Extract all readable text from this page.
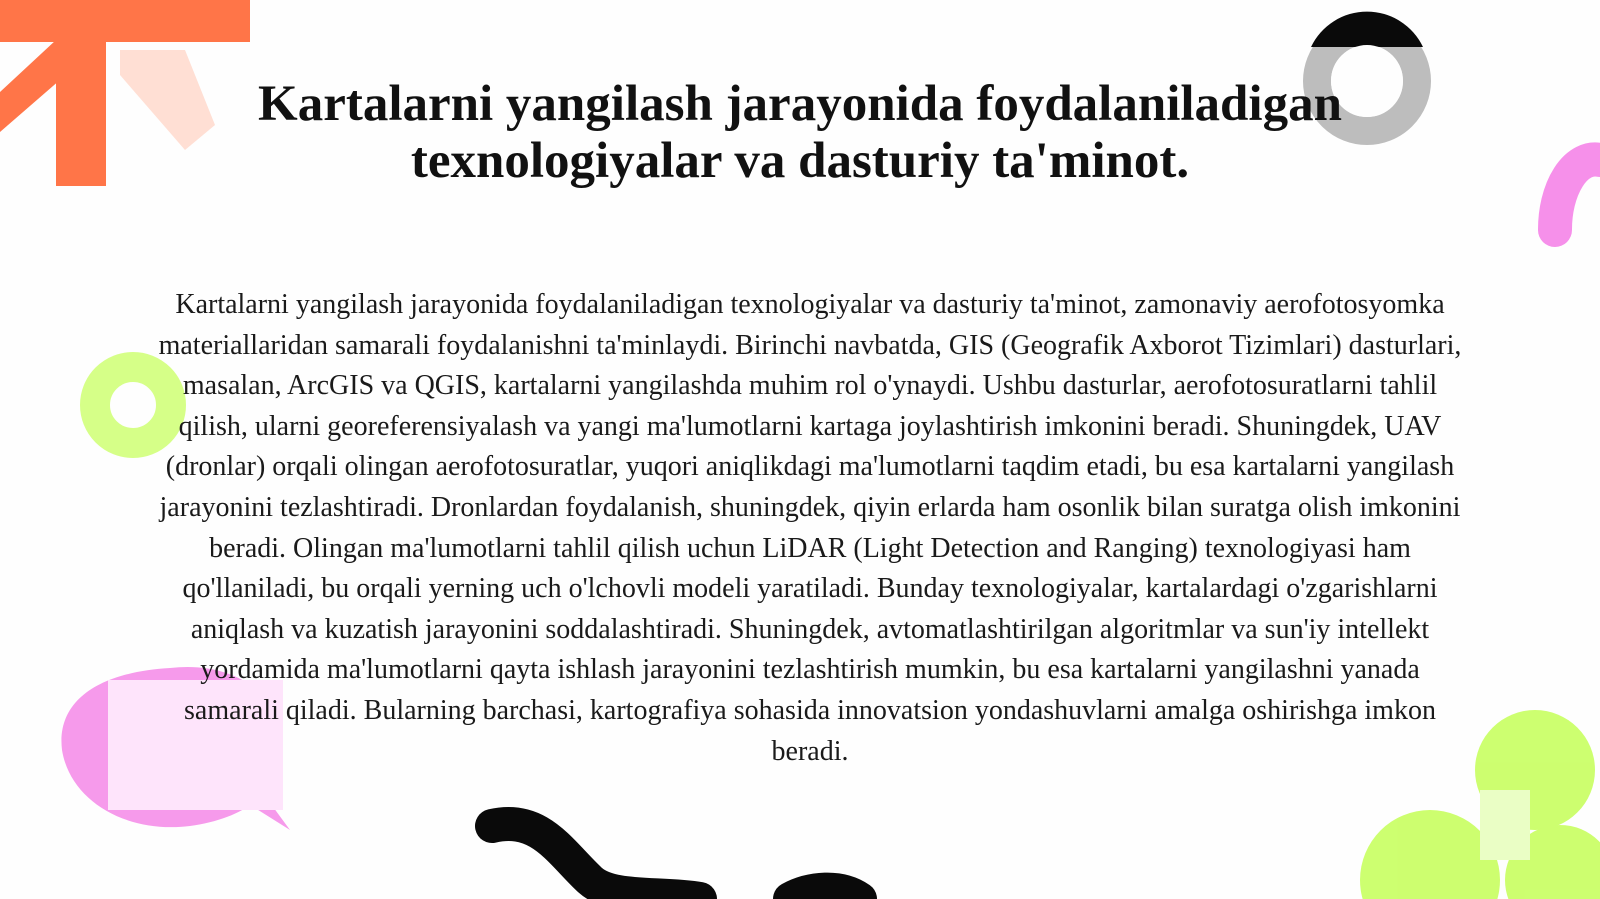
Kartalarni yangilash jarayonida foydalaniladigan texnologiyalar va dasturiy ta'minot.

Kartalarni yangilash jarayonida foydalaniladigan texnologiyalar va dasturiy ta'minot, zamonaviy aerofotosyomka materiallaridan samarali foydalanishni ta'minlaydi. Birinchi navbatda, GIS (Geografik Axborot Tizimlari) dasturlari, masalan, ArcGIS va QGIS, kartalarni yangilashda muhim rol o'ynaydi. Ushbu dasturlar, aerofotosuratlarni tahlil qilish, ularni georeferensiyalash va yangi ma'lumotlarni kartaga joylashtirish imkonini beradi. Shuningdek, UAV (dronlar) orqali olingan aerofotosuratlar, yuqori aniqlikdagi ma'lumotlarni taqdim etadi, bu esa kartalarni yangilash jarayonini tezlashtiradi. Dronlardan foydalanish, shuningdek, qiyin erlarda ham osonlik bilan suratga olish imkonini beradi. Olingan ma'lumotlarni tahlil qilish uchun LiDAR (Light Detection and Ranging) texnologiyasi ham qo'llaniladi, bu orqali yerning uch o'lchovli modeli yaratiladi. Bunday texnologiyalar, kartalardagi o'zgarishlarni aniqlash va kuzatish jarayonini soddalashtiradi. Shuningdek, avtomatlashtirilgan algoritmlar va sun'iy intellekt yordamida ma'lumotlarni qayta ishlash jarayonini tezlashtirish mumkin, bu esa kartalarni yangilashni yanada samarali qiladi. Bularning barchasi, kartografiya sohasida innovatsion yondashuvlarni amalga oshirishga imkon beradi.
